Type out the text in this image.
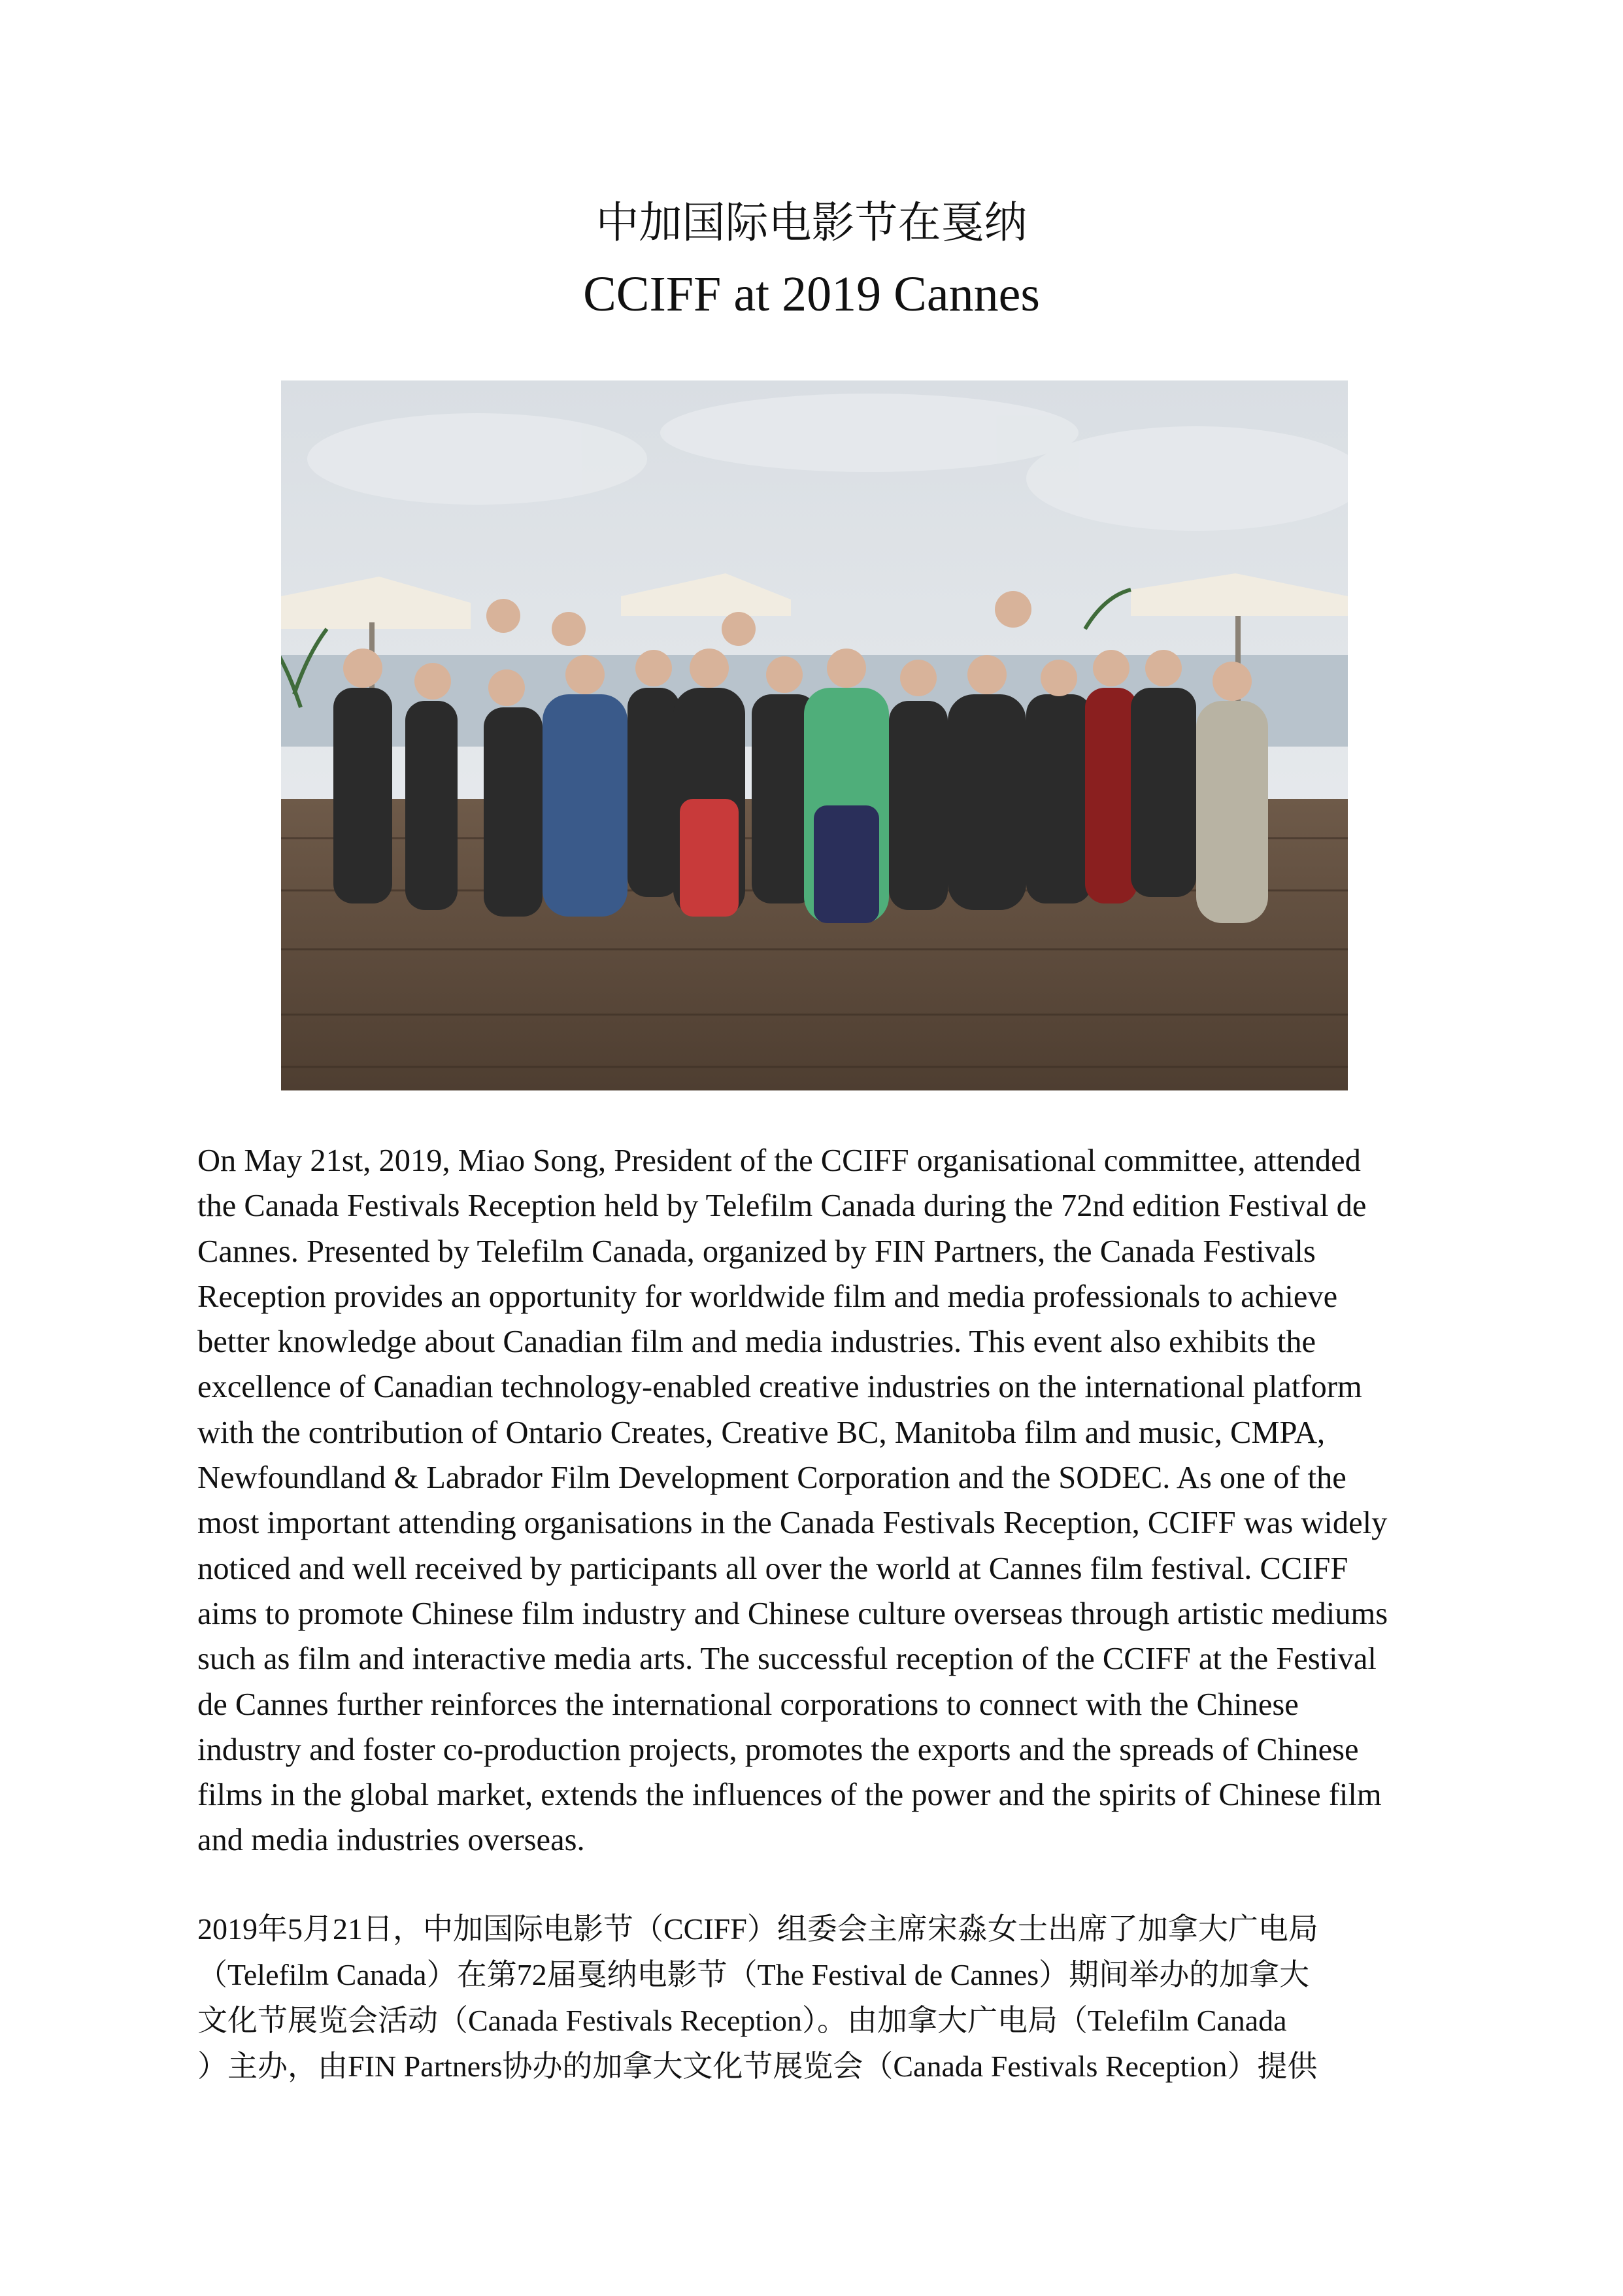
中加国际电影节在戛纳
CCIFF at 2019 Cannes
On May 21st, 2019, Miao Song, President of the CCIFF organisational committee, attended
the Canada Festivals Reception held by Telefilm Canada during the 72nd edition Festival de
Cannes. Presented by Telefilm Canada, organized by FIN Partners, the Canada Festivals
Reception provides an opportunity for worldwide film and media professionals to achieve
better knowledge about Canadian film and media industries. This event also exhibits the
excellence of Canadian technology-enabled creative industries on the international platform
with the contribution of Ontario Creates, Creative BC, Manitoba film and music, CMPA,
Newfoundland & Labrador Film Development Corporation and the SODEC. As one of the
most important attending organisations in the Canada Festivals Reception, CCIFF was widely
noticed and well received by participants all over the world at Cannes film festival. CCIFF
aims to promote Chinese film industry and Chinese culture overseas through artistic mediums
such as film and interactive media arts. The successful reception of the CCIFF at the Festival
de Cannes further reinforces the international corporations to connect with the Chinese
industry and foster co-production projects, promotes the exports and the spreads of Chinese
films in the global market, extends the influences of the power and the spirits of Chinese film
and media industries overseas.
2019年5月21日，中加国际电影节（CCIFF）组委会主席宋淼女士出席了加拿大广电局
（Telefilm Canada）在第72届戛纳电影节（The Festival de Cannes）期间举办的加拿大
文化节展览会活动（Canada Festivals Reception）。由加拿大广电局（Telefilm Canada
）主办，由FIN Partners协办的加拿大文化节展览会（Canada Festivals Reception）提供
